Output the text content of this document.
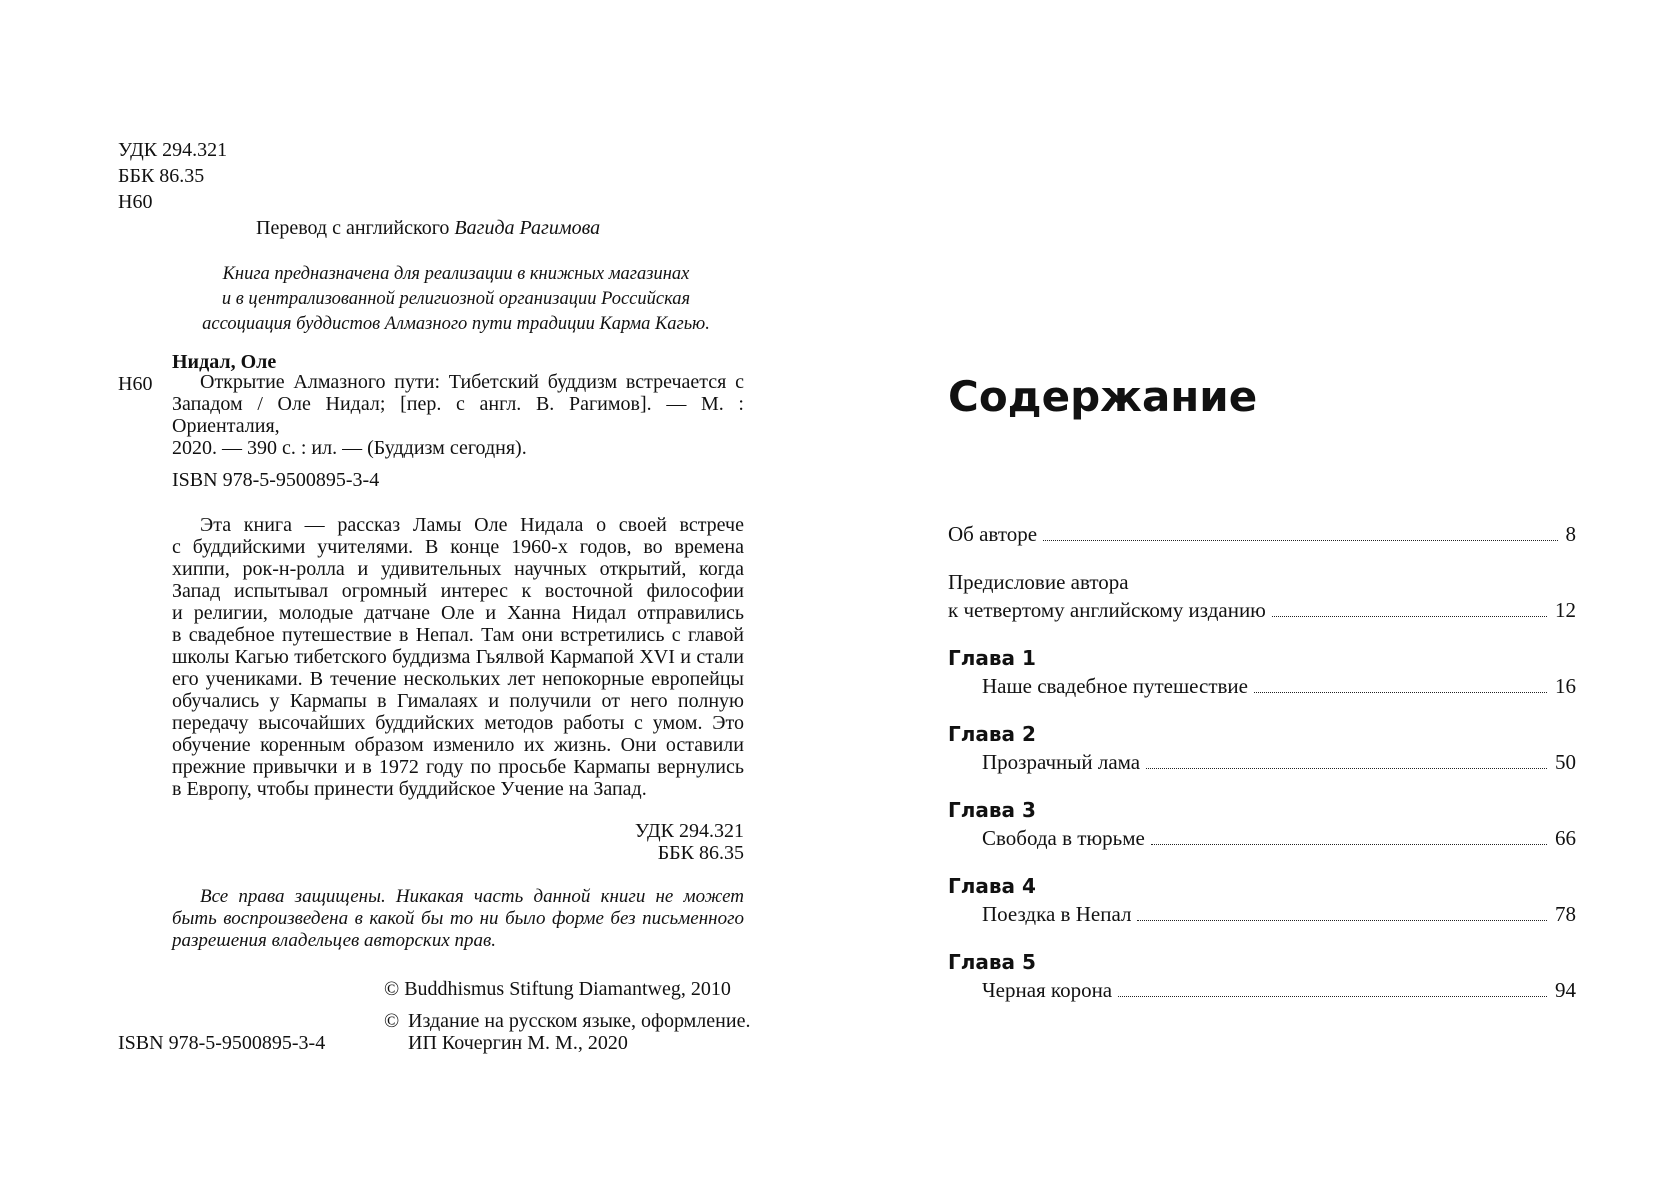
УДК 294.321
ББК 86.35
Н60
Перевод с английского Вагида Рагимова
Книга предназначена для реализации в книжных магазинах
и в централизованной религиозной организации Российская
ассоциация буддистов Алмазного пути традиции Карма Кагью.
Нидал, Оле
Н60	Открытие Алмазного пути: Тибетский буддизм встречается с
Западом / Оле Нидал; [пер. с англ. В. Рагимов]. — М. : Ориенталия,
2020. — 390 с. : ил. — (Буддизм сегодня).
ISBN 978-5-9500895-3-4
Эта книга — рассказ Ламы Оле Нидала о своей встрече
с буддийскими учителями. В конце 1960-х годов, во времена
хиппи, рок-н-ролла и удивительных научных открытий, когда
Запад испытывал огромный интерес к восточной философии
и религии, молодые датчане Оле и Ханна Нидал отправились
в свадебное путешествие в Непал. Там они встретились с главой
школы Кагью тибетского буддизма Гьялвой Кармапой XVI и стали
его учениками. В течение нескольких лет непокорные европейцы
обучались у Кармапы в Гималаях и получили от него полную
передачу высочайших буддийских методов работы с умом. Это
обучение коренным образом изменило их жизнь. Они оставили
прежние привычки и в 1972 году по просьбе Кармапы вернулись
в Европу, чтобы принести буддийское Учение на Запад.
УДК 294.321
ББК 86.35
Все права защищены. Никакая часть данной книги не может
быть воспроизведена в какой бы то ни было форме без письменного
разрешения владельцев авторских прав.
© Buddhismus Stiftung Diamantweg, 2010
© Издание на русском языке, оформление.
ИП Кочергин М. М., 2020
ISBN 978-5-9500895-3-4
Содержание
Об авторе	8
Предисловие автора
к четвертому английскому изданию	12
Глава 1
Наше свадебное путешествие	16
Глава 2
Прозрачный лама	50
Глава 3
Свобода в тюрьме	66
Глава 4
Поездка в Непал	78
Глава 5
Черная корона	94
